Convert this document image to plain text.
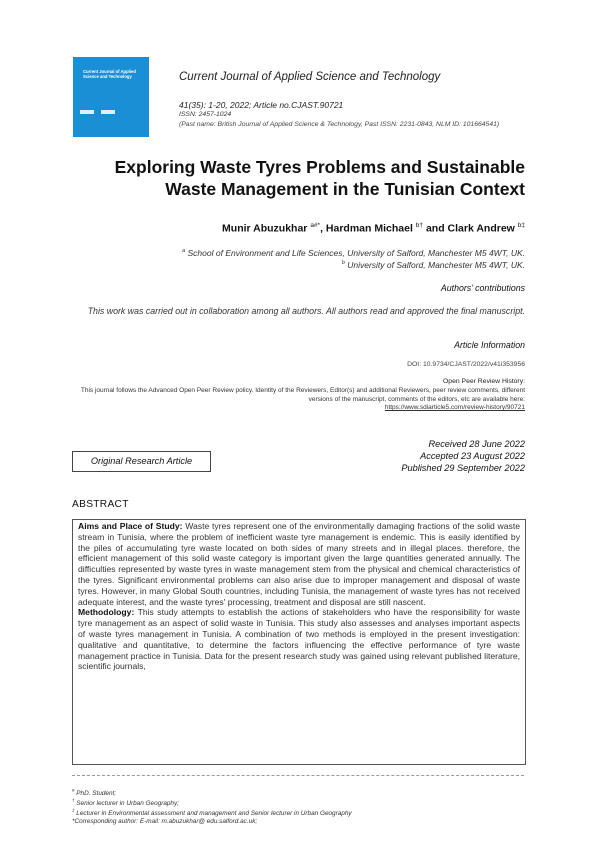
Current Journal of Applied Science and Technology	Current Journal of Applied Science and Technology
41(35): 1-20, 2022; Article no.CJAST.90721
ISSN: 2457-1024
(Past name: British Journal of Applied Science & Technology, Past ISSN: 2231-0843, NLM ID: 101664541)
Exploring Waste Tyres Problems and Sustainable
Waste Management in the Tunisian Context
Munir Abuzukhar $^{a\#*}$, Hardman Michael $^{b\dagger}$ and Clark Andrew $^{b\ddagger}$
$^a$ School of Environment and Life Sciences, University of Salford, Manchester M5 4WT, UK.
$^b$ University of Salford, Manchester M5 4WT, UK.
Authors’ contributions
This work was carried out in collaboration among all authors. All authors read and approved the final manuscript.
Article Information
DOI: 10.9734/CJAST/2022/v41i353956
Open Peer Review History:
This journal follows the Advanced Open Peer Review policy. Identity of the Reviewers, Editor(s) and additional Reviewers, peer review comments, different versions of the manuscript, comments of the editors, etc are available here:
https://www.sdiarticle5.com/review-history/90721
Original Research Article
Received 28 June 2022
Accepted 23 August 2022
Published 29 September 2022
ABSTRACT

Aims and Place of Study: Waste tyres represent one of the environmentally damaging fractions of the solid waste stream in Tunisia, where the problem of inefficient waste tyre management is endemic. This is easily identified by the piles of accumulating tyre waste located on both sides of many streets and in illegal places. therefore, the efficient management of this solid waste category is important given the large quantities generated annually. The difficulties represented by waste tyres in waste management stem from the physical and chemical characteristics of the tyres. Significant environmental problems can also arise due to improper management and disposal of waste tyres. However, in many Global South countries, including Tunisia, the management of waste tyres has not received adequate interest, and the waste tyres' processing, treatment and disposal are still nascent.

Methodology: This study attempts to establish the actions of stakeholders who have the responsibility for waste tyre management as an aspect of solid waste in Tunisia. This study also assesses and analyses important aspects of waste tyres management in Tunisia. A combination of two methods is employed in the present investigation: qualitative and quantitative, to determine the factors influencing the effective performance of tyre waste management practice in Tunisia. Data for the present research study was gained using relevant published literature, scientific journals,

# PhD. Student;
† Senior lecturer in Urban Geography;
‡ Lecturer in Environmental assessment and management and Senior lecturer in Urban Geography
*Corresponding author: E-mail: m.abuzukhar@ edu.salford.ac.uk;
